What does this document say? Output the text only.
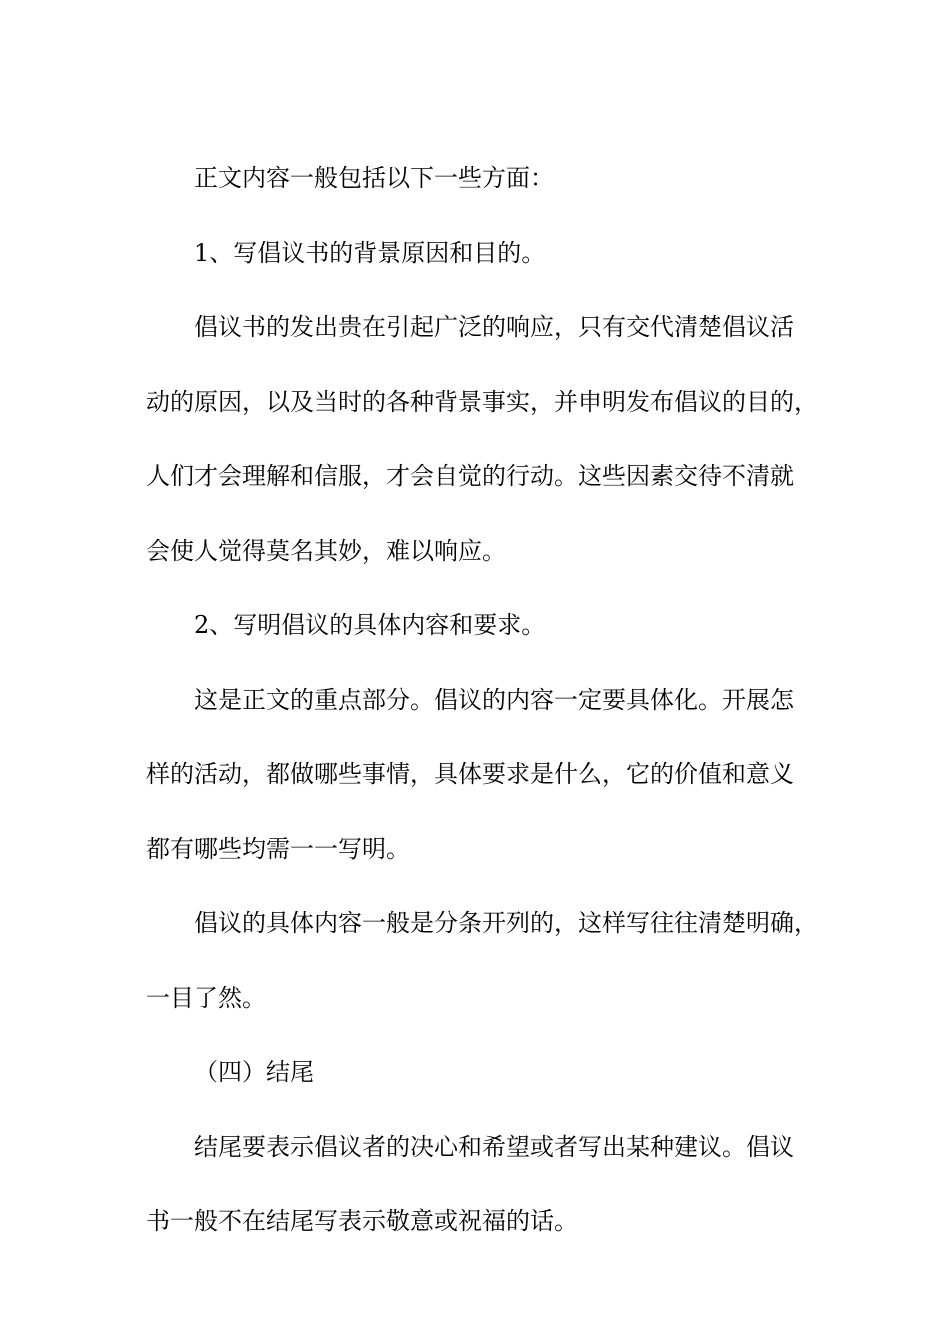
正文内容一般包括以下一些方面：

1、写倡议书的背景原因和目的。

倡议书的发出贵在引起广泛的响应，只有交代清楚倡议活
动的原因，以及当时的各种背景事实，并申明发布倡议的目的，
人们才会理解和信服，才会自觉的行动。这些因素交待不清就
会使人觉得莫名其妙，难以响应。

2、写明倡议的具体内容和要求。

这是正文的重点部分。倡议的内容一定要具体化。开展怎
样的活动，都做哪些事情，具体要求是什么，它的价值和意义
都有哪些均需一一写明。

倡议的具体内容一般是分条开列的，这样写往往清楚明确，
一目了然。

（四）结尾

结尾要表示倡议者的决心和希望或者写出某种建议。倡议
书一般不在结尾写表示敬意或祝福的话。
